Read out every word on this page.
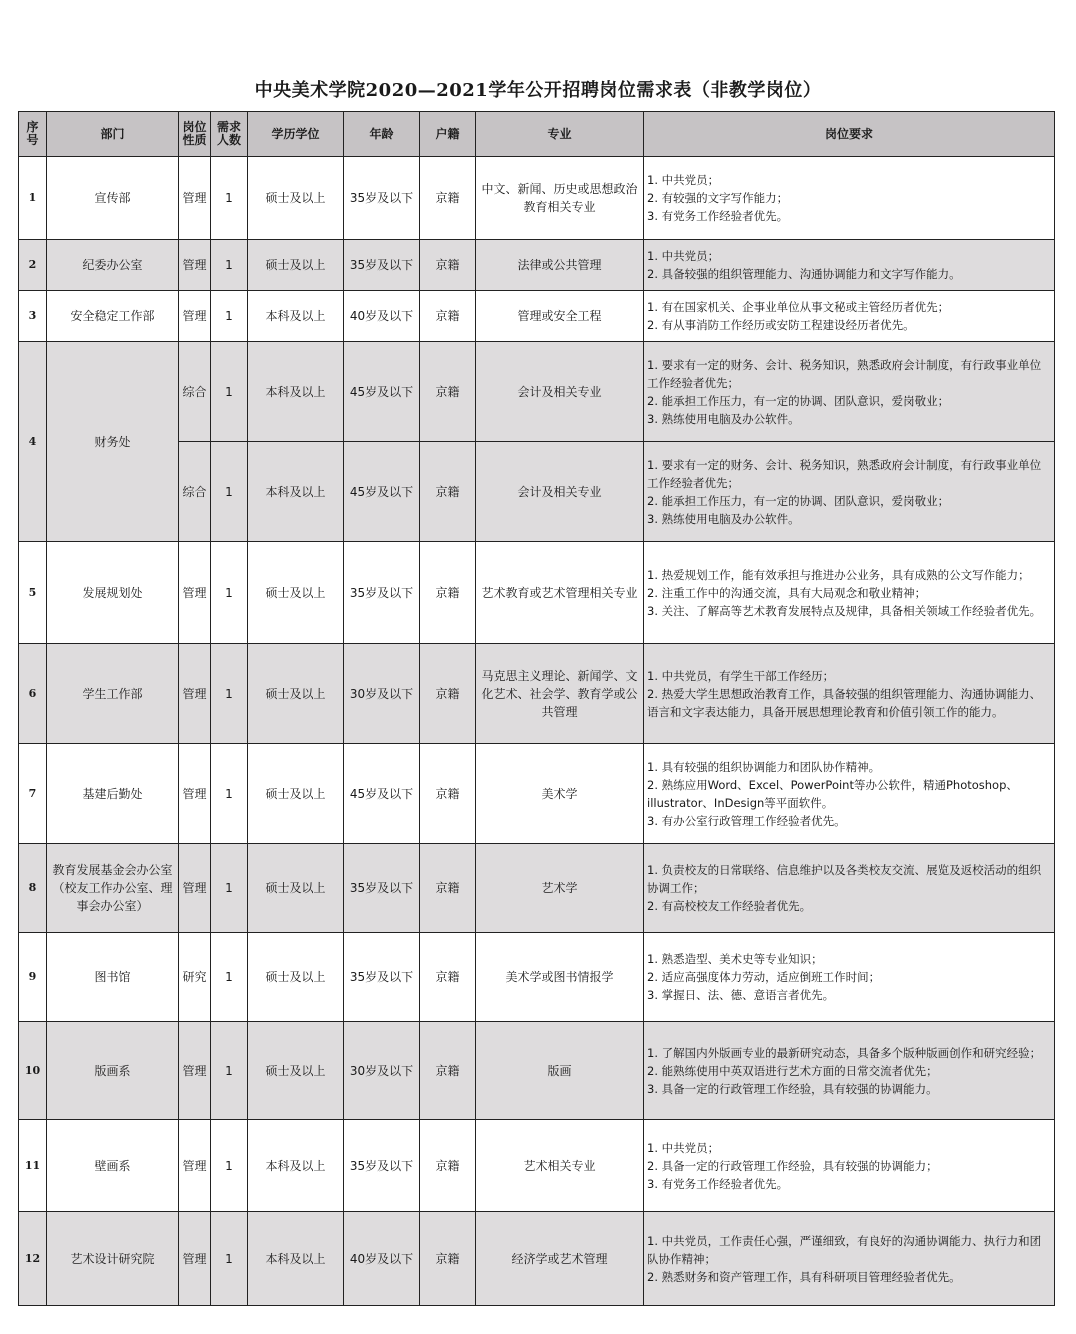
中央美术学院2020—2021学年公开招聘岗位需求表（非教学岗位）
序号	部门	岗位性质	需求人数	学历学位	年龄	户籍	专业	岗位要求
1	宣传部	管理	1	硕士及以上	35岁及以下	京籍	中文、新闻、历史或思想政治教育相关专业	1. 中共党员；
2. 有较强的文字写作能力；
3. 有党务工作经验者优先。

2	纪委办公室	管理	1	硕士及以上	35岁及以下	京籍	法律或公共管理	1. 中共党员；
2. 具备较强的组织管理能力、沟通协调能力和文字写作能力。

3	安全稳定工作部	管理	1	本科及以上	40岁及以下	京籍	管理或安全工程	1. 有在国家机关、企事业单位从事文秘或主管经历者优先；
2. 有从事消防工作经历或安防工程建设经历者优先。

4	财务处	综合	1	本科及以上	45岁及以下	京籍	会计及相关专业	1. 要求有一定的财务、会计、税务知识，熟悉政府会计制度，有行政事业单位工作经验者优先；
2. 能承担工作压力，有一定的协调、团队意识，爱岗敬业；
3. 熟练使用电脑及办公软件。

		综合	1	本科及以上	45岁及以下	京籍	会计及相关专业	1. 要求有一定的财务、会计、税务知识，熟悉政府会计制度，有行政事业单位工作经验者优先；
2. 能承担工作压力，有一定的协调、团队意识，爱岗敬业；
3. 熟练使用电脑及办公软件。

5	发展规划处	管理	1	硕士及以上	35岁及以下	京籍	艺术教育或艺术管理相关专业	1. 热爱规划工作，能有效承担与推进办公业务，具有成熟的公文写作能力；
2. 注重工作中的沟通交流，具有大局观念和敬业精神；
3. 关注、了解高等艺术教育发展特点及规律，具备相关领域工作经验者优先。

6	学生工作部	管理	1	硕士及以上	30岁及以下	京籍	马克思主义理论、新闻学、文化艺术、社会学、教育学或公共管理	1. 中共党员，有学生干部工作经历；
2. 热爱大学生思想政治教育工作，具备较强的组织管理能力、沟通协调能力、语言和文字表达能力，具备开展思想理论教育和价值引领工作的能力。

7	基建后勤处	管理	1	硕士及以上	45岁及以下	京籍	美术学	1. 具有较强的组织协调能力和团队协作精神。
2. 熟练应用Word、Excel、PowerPoint等办公软件，精通Photoshop、illustrator、InDesign等平面软件。
3. 有办公室行政管理工作经验者优先。

8	教育发展基金会办公室（校友工作办公室、理事会办公室）	管理	1	硕士及以上	35岁及以下	京籍	艺术学	1. 负责校友的日常联络、信息维护以及各类校友交流、展览及返校活动的组织协调工作；
2. 有高校校友工作经验者优先。

9	图书馆	研究	1	硕士及以上	35岁及以下	京籍	美术学或图书情报学	1. 熟悉造型、美术史等专业知识；
2. 适应高强度体力劳动，适应倒班工作时间；
3. 掌握日、法、德、意语言者优先。

10	版画系	管理	1	硕士及以上	30岁及以下	京籍	版画	1. 了解国内外版画专业的最新研究动态，具备多个版种版画创作和研究经验；
2. 能熟练使用中英双语进行艺术方面的日常交流者优先；
3. 具备一定的行政管理工作经验，具有较强的协调能力。

11	壁画系	管理	1	本科及以上	35岁及以下	京籍	艺术相关专业	1. 中共党员；
2. 具备一定的行政管理工作经验，具有较强的协调能力；
3. 有党务工作经验者优先。

12	艺术设计研究院	管理	1	本科及以上	40岁及以下	京籍	经济学或艺术管理	1. 中共党员，工作责任心强，严谨细致，有良好的沟通协调能力、执行力和团队协作精神；
2. 熟悉财务和资产管理工作，具有科研项目管理经验者优先。
